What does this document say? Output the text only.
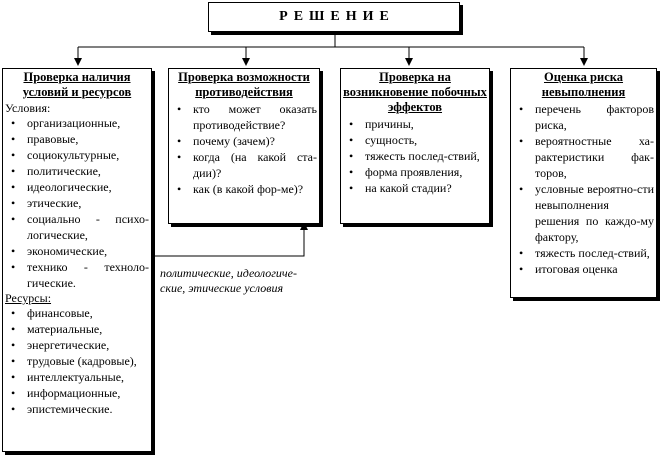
РЕШЕНИЕ
Проверка наличия условий и ресурсов
Условия:
• организационные,
• правовые,
• социокультурные,
• политические,
• идеологические,
• этические,
• социально - психо-логические,
• экономические,
• технико - техноло-гические.
Ресурсы:
• финансовые,
• материальные,
• энергетические,
• трудовые (кадровые),
• интеллектуальные,
• информационные,
• эпистемические.
Проверка возможности противодействия
• кто может оказать противодействие?
• почему (зачем)?
• когда (на какой ста-дии)?
• как (в какой фор-ме)?
Проверка на возникновение побочных эффектов
• причины,
• сущность,
• тяжесть послед-ствий,
• форма проявления,
• на какой стадии?
Оценка риска невыполнения
• перечень факторов риска,
• вероятностные ха-рактеристики фак-торов,
• условные вероятно-сти невыполнения решения по каждо-му фактору,
• тяжесть послед-ствий,
• итоговая оценка
политические, идеологиче-ские, этические условия
